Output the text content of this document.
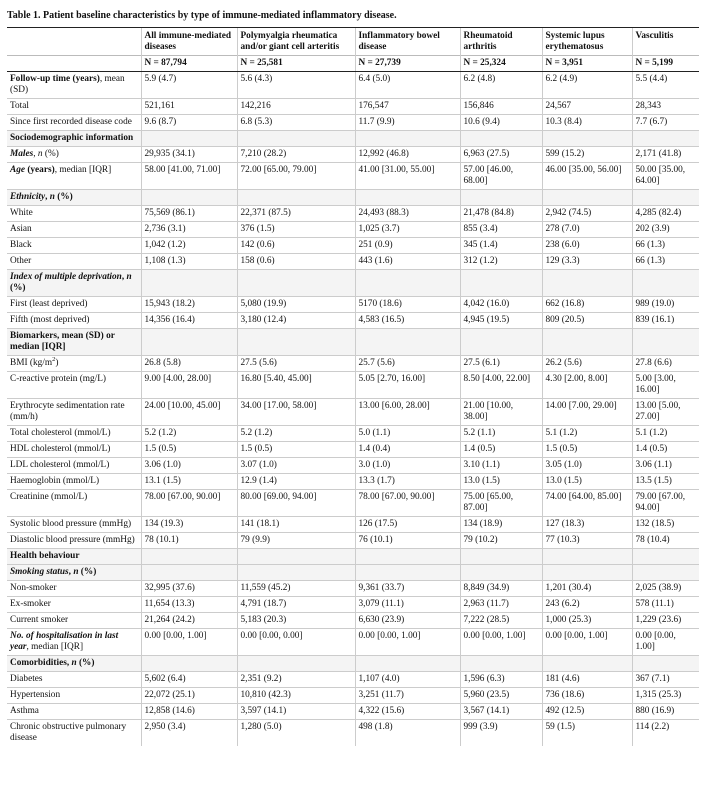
Table 1. Patient baseline characteristics by type of immune-mediated inflammatory disease.
	All immune-mediated diseases	Polymyalgia rheumatica and/or giant cell arteritis	Inflammatory bowel disease	Rheumatoid arthritis	Systemic lupus erythematosus	Vasculitis
	N = 87,794	N = 25,581	N = 27,739	N = 25,324	N = 3,951	N = 5,199
Follow-up time (years), mean (SD)	5.9 (4.7)	5.6 (4.3)	6.4 (5.0)	6.2 (4.8)	6.2 (4.9)	5.5 (4.4)
Total	521,161	142,216	176,547	156,846	24,567	28,343
Since first recorded disease code	9.6 (8.7)	6.8 (5.3)	11.7 (9.9)	10.6 (9.4)	10.3 (8.4)	7.7 (6.7)
Sociodemographic information						
Males, n (%)	29,935 (34.1)	7,210 (28.2)	12,992 (46.8)	6,963 (27.5)	599 (15.2)	2,171 (41.8)
Age (years), median [IQR]	58.00 [41.00, 71.00]	72.00 [65.00, 79.00]	41.00 [31.00, 55.00]	57.00 [46.00, 68.00]	46.00 [35.00, 56.00]	50.00 [35.00, 64.00]
Ethnicity, n (%)						
White	75,569 (86.1)	22,371 (87.5)	24,493 (88.3)	21,478 (84.8)	2,942 (74.5)	4,285 (82.4)
Asian	2,736 (3.1)	376 (1.5)	1,025 (3.7)	855 (3.4)	278 (7.0)	202 (3.9)
Black	1,042 (1.2)	142 (0.6)	251 (0.9)	345 (1.4)	238 (6.0)	66 (1.3)
Other	1,108 (1.3)	158 (0.6)	443 (1.6)	312 (1.2)	129 (3.3)	66 (1.3)
Index of multiple deprivation, n (%)						
First (least deprived)	15,943 (18.2)	5,080 (19.9)	5170 (18.6)	4,042 (16.0)	662 (16.8)	989 (19.0)
Fifth (most deprived)	14,356 (16.4)	3,180 (12.4)	4,583 (16.5)	4,945 (19.5)	809 (20.5)	839 (16.1)
Biomarkers, mean (SD) or median [IQR]						
BMI $(kg/m^2)$	26.8 (5.8)	27.5 (5.6)	25.7 (5.6)	27.5 (6.1)	26.2 (5.6)	27.8 (6.6)
C-reactive protein (mg/L)	9.00 [4.00, 28.00]	16.80 [5.40, 45.00]	5.05 [2.70, 16.00]	8.50 [4.00, 22.00]	4.30 [2.00, 8.00]	5.00 [3.00, 16.00]
Erythrocyte sedimentation rate (mm/h)	24.00 [10.00, 45.00]	34.00 [17.00, 58.00]	13.00 [6.00, 28.00]	21.00 [10.00, 38.00]	14.00 [7.00, 29.00]	13.00 [5.00, 27.00]
Total cholesterol (mmol/L)	5.2 (1.2)	5.2 (1.2)	5.0 (1.1)	5.2 (1.1)	5.1 (1.2)	5.1 (1.2)
HDL cholesterol (mmol/L)	1.5 (0.5)	1.5 (0.5)	1.4 (0.4)	1.4 (0.5)	1.5 (0.5)	1.4 (0.5)
LDL cholesterol (mmol/L)	3.06 (1.0)	3.07 (1.0)	3.0 (1.0)	3.10 (1.1)	3.05 (1.0)	3.06 (1.1)
Haemoglobin (mmol/L)	13.1 (1.5)	12.9 (1.4)	13.3 (1.7)	13.0 (1.5)	13.0 (1.5)	13.5 (1.5)
Creatinine (mmol/L)	78.00 [67.00, 90.00]	80.00 [69.00, 94.00]	78.00 [67.00, 90.00]	75.00 [65.00, 87.00]	74.00 [64.00, 85.00]	79.00 [67.00, 94.00]
Systolic blood pressure (mmHg)	134 (19.3)	141 (18.1)	126 (17.5)	134 (18.9)	127 (18.3)	132 (18.5)
Diastolic blood pressure (mmHg)	78 (10.1)	79 (9.9)	76 (10.1)	79 (10.2)	77 (10.3)	78 (10.4)
Health behaviour						
Smoking status, n (%)						
Non-smoker	32,995 (37.6)	11,559 (45.2)	9,361 (33.7)	8,849 (34.9)	1,201 (30.4)	2,025 (38.9)
Ex-smoker	11,654 (13.3)	4,791 (18.7)	3,079 (11.1)	2,963 (11.7)	243 (6.2)	578 (11.1)
Current smoker	21,264 (24.2)	5,183 (20.3)	6,630 (23.9)	7,222 (28.5)	1,000 (25.3)	1,229 (23.6)
No. of hospitalisation in last year, median [IQR]	0.00 [0.00, 1.00]	0.00 [0.00, 0.00]	0.00 [0.00, 1.00]	0.00 [0.00, 1.00]	0.00 [0.00, 1.00]	0.00 [0.00, 1.00]
Comorbidities, n (%)						
Diabetes	5,602 (6.4)	2,351 (9.2)	1,107 (4.0)	1,596 (6.3)	181 (4.6)	367 (7.1)
Hypertension	22,072 (25.1)	10,810 (42.3)	3,251 (11.7)	5,960 (23.5)	736 (18.6)	1,315 (25.3)
Asthma	12,858 (14.6)	3,597 (14.1)	4,322 (15.6)	3,567 (14.1)	492 (12.5)	880 (16.9)
Chronic obstructive pulmonary disease	2,950 (3.4)	1,280 (5.0)	498 (1.8)	999 (3.9)	59 (1.5)	114 (2.2)
